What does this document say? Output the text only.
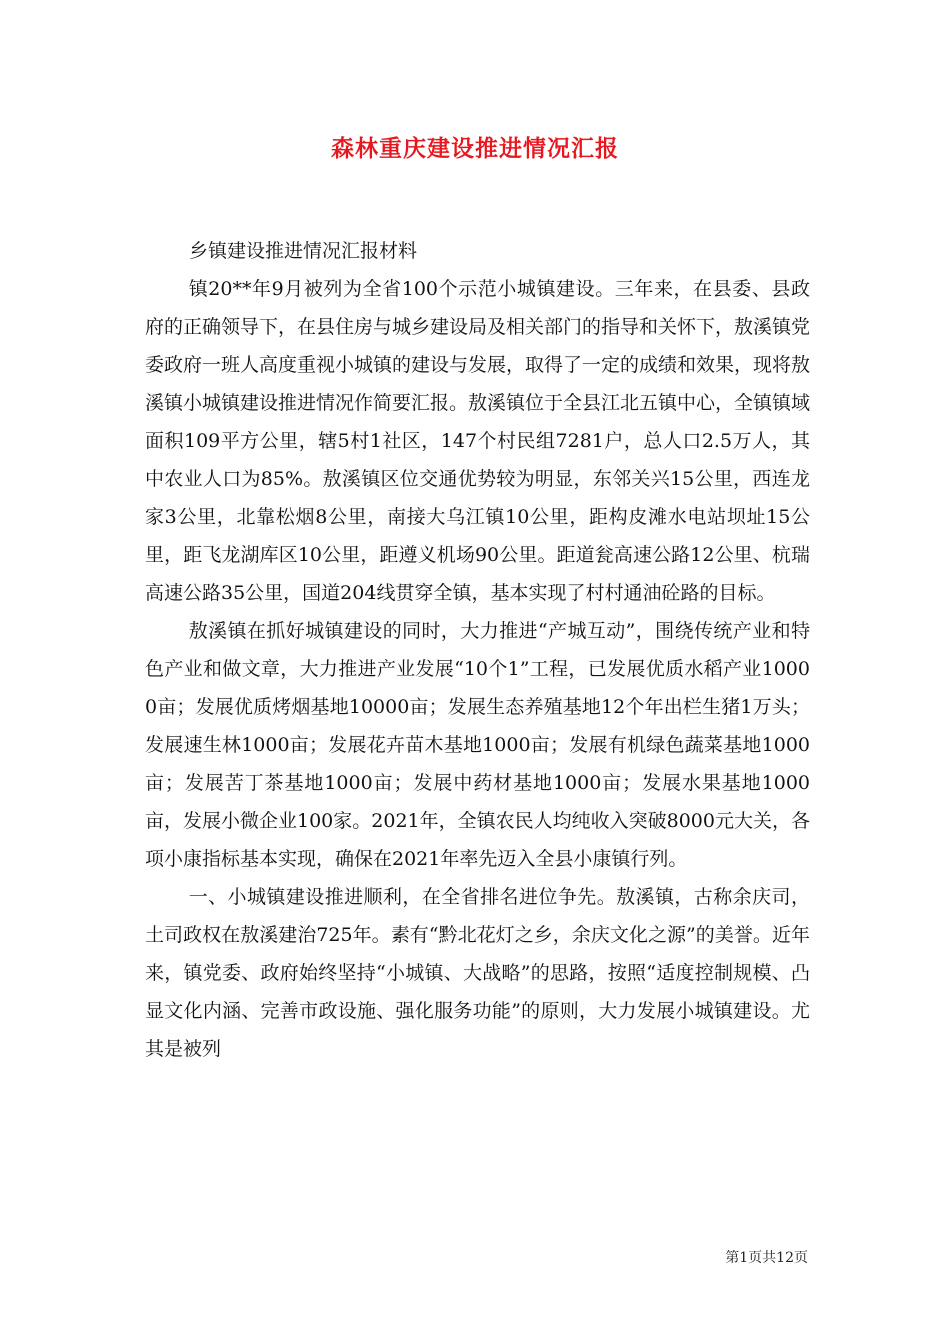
森林重庆建设推进情况汇报

乡镇建设推进情况汇报材料

镇20**年9月被列为全省100个示范小城镇建设。三年来，在县委、县政府的正确领导下，在县住房与城乡建设局及相关部门的指导和关怀下，敖溪镇党委政府一班人高度重视小城镇的建设与发展，取得了一定的成绩和效果，现将敖溪镇小城镇建设推进情况作简要汇报。敖溪镇位于全县江北五镇中心，全镇镇域面积109平方公里，辖5村1社区，147个村民组7281户，总人口2.5万人，其中农业人口为85%。敖溪镇区位交通优势较为明显，东邻关兴15公里，西连龙家3公里，北靠松烟8公里，南接大乌江镇10公里，距构皮滩水电站坝址15公里，距飞龙湖库区10公里，距遵义机场90公里。距道瓮高速公路12公里、杭瑞高速公路35公里，国道204线贯穿全镇，基本实现了村村通油砼路的目标。

敖溪镇在抓好城镇建设的同时，大力推进“产城互动”，围绕传统产业和特色产业和做文章，大力推进产业发展“10个1”工程，已发展优质水稻产业10000亩；发展优质烤烟基地10000亩；发展生态养殖基地12个年出栏生猪1万头；发展速生林1000亩；发展花卉苗木基地1000亩；发展有机绿色蔬菜基地1000亩；发展苦丁茶基地1000亩；发展中药材基地1000亩；发展水果基地1000亩，发展小微企业100家。2021年，全镇农民人均纯收入突破8000元大关，各项小康指标基本实现，确保在2021年率先迈入全县小康镇行列。

一、小城镇建设推进顺利，在全省排名进位争先。敖溪镇，古称余庆司，土司政权在敖溪建治725年。素有“黔北花灯之乡，余庆文化之源”的美誉。近年来，镇党委、政府始终坚持“小城镇、大战略”的思路，按照“适度控制规模、凸显文化内涵、完善市政设施、强化服务功能”的原则，大力发展小城镇建设。尤其是被列

第1页共12页
